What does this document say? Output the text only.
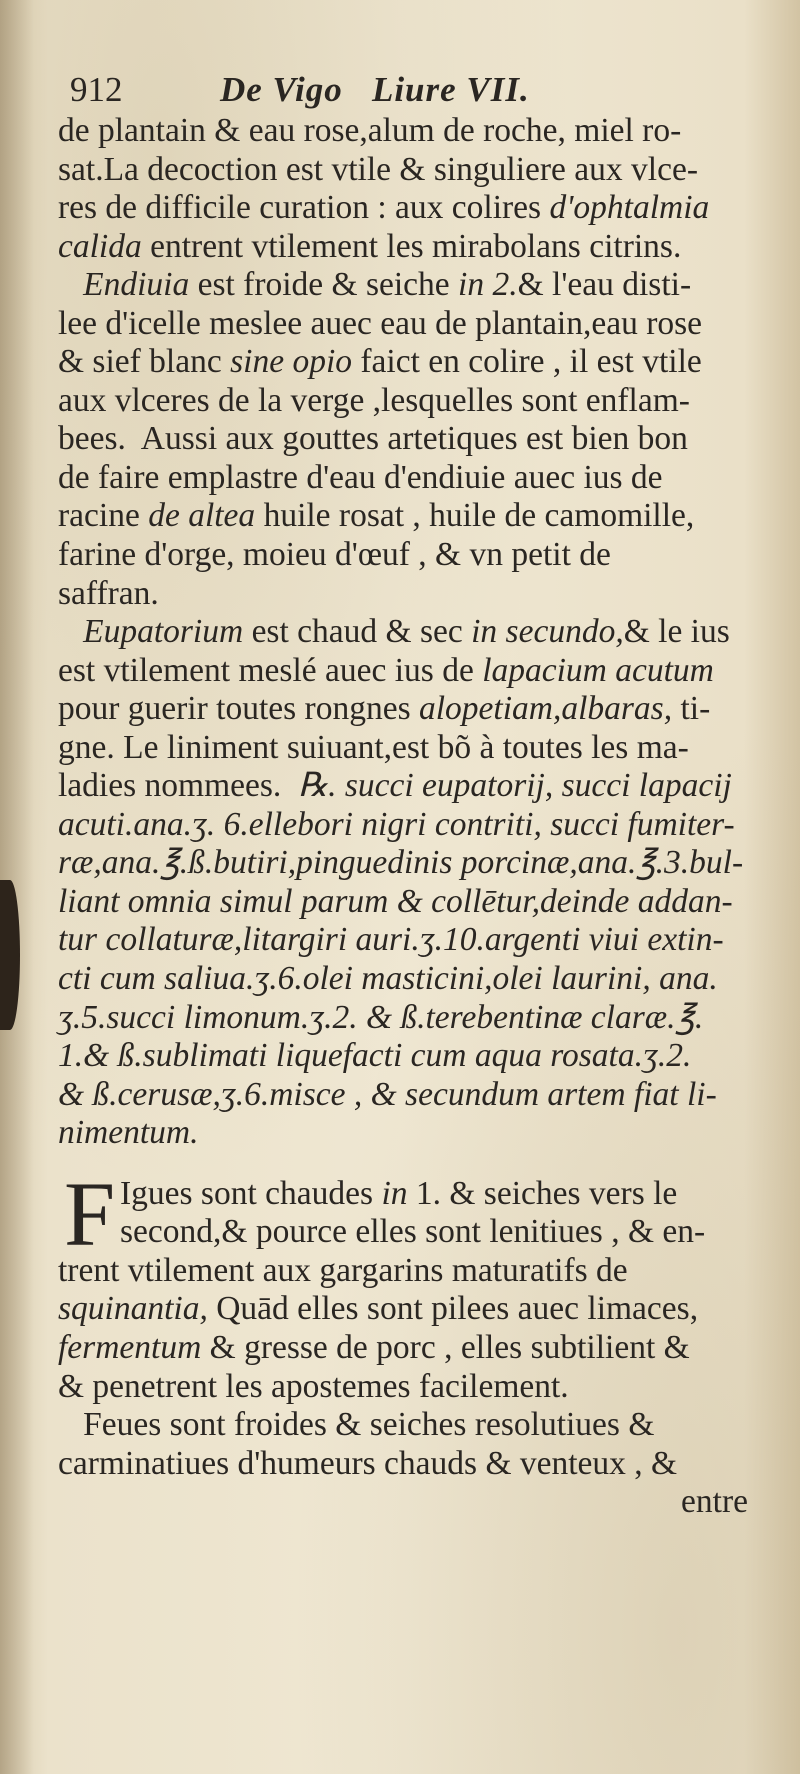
912	De Vigo   Liure VII.
de plantain & eau rose,alum de roche, miel ro-
sat.La decoction est vtile & singuliere aux vlce-
res de difficile curation : aux colires d'ophtalmia
calida entrent vtilement les mirabolans citrins.
Endiuia est froide & seiche in 2.& l'eau disti-
lee d'icelle meslee auec eau de plantain,eau rose
& sief blanc sine opio faict en colire , il est vtile
aux vlceres de la verge ,lesquelles sont enflam-
bees.  Aussi aux gouttes artetiques est bien bon
de faire emplastre d'eau d'endiuie auec ius de
racine de altea huile rosat , huile de camomille,
farine d'orge, moieu d'œuf , & vn petit de
saffran.
Eupatorium est chaud & sec in secundo,& le ius
est vtilement meslé auec ius de lapacium acutum
pour guerir toutes rongnes alopetiam,albaras, ti-
gne. Le liniment suiuant,est bõ à toutes les ma-
ladies nommees.  ℞. succi eupatorij, succi lapacij
acuti.ana.ʒ. 6.ellebori nigri contriti, succi fumiter-
ræ,ana.℥.ß.butiri,pinguedinis porcinæ,ana.℥.3.bul-
liant omnia simul parum & collētur,deinde addan-
tur collaturæ,litargiri auri.ʒ.10.argenti viui extin-
cti cum saliua.ʒ.6.olei masticini,olei laurini, ana.
ʒ.5.succi limonum.ʒ.2. & ß.terebentinæ claræ.℥.
1.& ß.sublimati liquefacti cum aqua rosata.ʒ.2.
& ß.cerusæ,ʒ.6.misce , & secundum artem fiat li-
nimentum.
F Igues sont chaudes in 1. & seiches vers le
second,& pource elles sont lenitiues , & en-
trent vtilement aux gargarins maturatifs de
squinantia, Quād elles sont pilees auec limaces,
fermentum & gresse de porc , elles subtilient &
& penetrent les apostemes facilement.
Feues sont froides & seiches resolutiues &
carminatiues d'humeurs chauds & venteux , &
entre
